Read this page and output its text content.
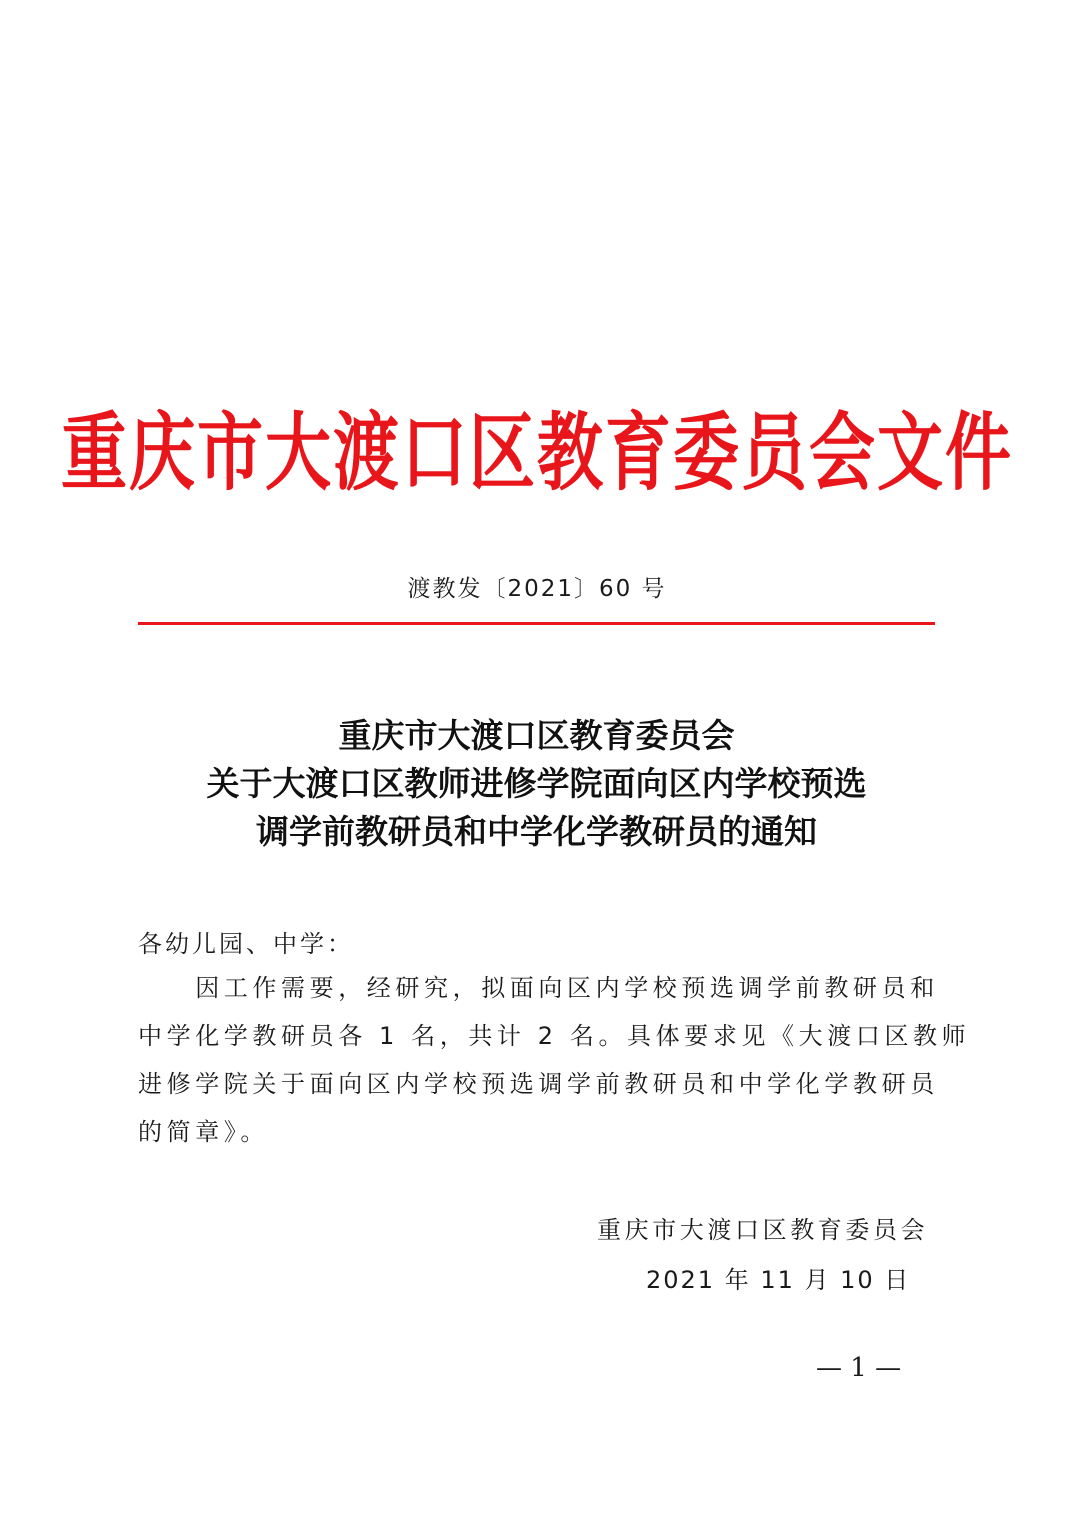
重庆市大渡口区教育委员会文件
渡教发〔2021〕60 号
重庆市大渡口区教育委员会
关于大渡口区教师进修学院面向区内学校预选
调学前教研员和中学化学教研员的通知
各幼儿园、中学：
　　因工作需要，经研究，拟面向区内学校预选调学前教研员和
中学化学教研员各 1 名，共计 2 名。具体要求见《大渡口区教师
进修学院关于面向区内学校预选调学前教研员和中学化学教研员
的简章》。
重庆市大渡口区教育委员会
2021 年 11 月 10 日
— 1 —
